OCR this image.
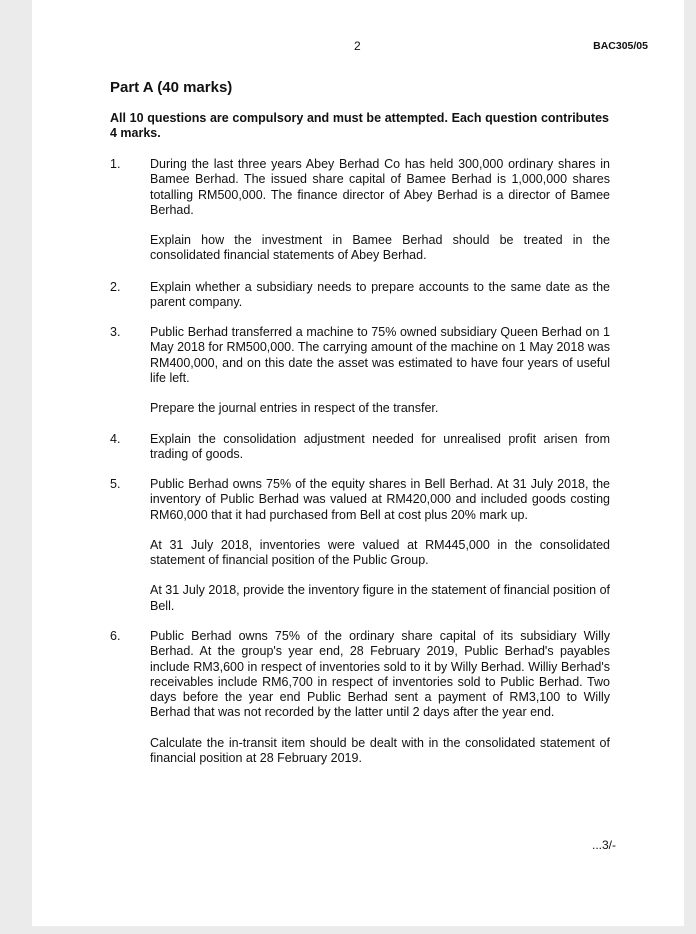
2	BAC305/05
Part A (40 marks)
All 10 questions are compulsory and must be attempted. Each question contributes 4 marks.
1. During the last three years Abey Berhad Co has held 300,000 ordinary shares in Bamee Berhad. The issued share capital of Bamee Berhad is 1,000,000 shares totalling RM500,000. The finance director of Abey Berhad is a director of Bamee Berhad.

Explain how the investment in Bamee Berhad should be treated in the consolidated financial statements of Abey Berhad.

2. Explain whether a subsidiary needs to prepare accounts to the same date as the parent company.

3. Public Berhad transferred a machine to 75% owned subsidiary Queen Berhad on 1 May 2018 for RM500,000. The carrying amount of the machine on 1 May 2018 was RM400,000, and on this date the asset was estimated to have four years of useful life left.

Prepare the journal entries in respect of the transfer.

4. Explain the consolidation adjustment needed for unrealised profit arisen from trading of goods.

5. Public Berhad owns 75% of the equity shares in Bell Berhad. At 31 July 2018, the inventory of Public Berhad was valued at RM420,000 and included goods costing RM60,000 that it had purchased from Bell at cost plus 20% mark up.

At 31 July 2018, inventories were valued at RM445,000 in the consolidated statement of financial position of the Public Group.

At 31 July 2018, provide the inventory figure in the statement of financial position of Bell.

6. Public Berhad owns 75% of the ordinary share capital of its subsidiary Willy Berhad. At the group's year end, 28 February 2019, Public Berhad's payables include RM3,600 in respect of inventories sold to it by Willy Berhad. Williy Berhad's receivables include RM6,700 in respect of inventories sold to Public Berhad. Two days before the year end Public Berhad sent a payment of RM3,100 to Willy Berhad that was not recorded by the latter until 2 days after the year end.

Calculate the in-transit item should be dealt with in the consolidated statement of financial position at 28 February 2019.

...3/-
